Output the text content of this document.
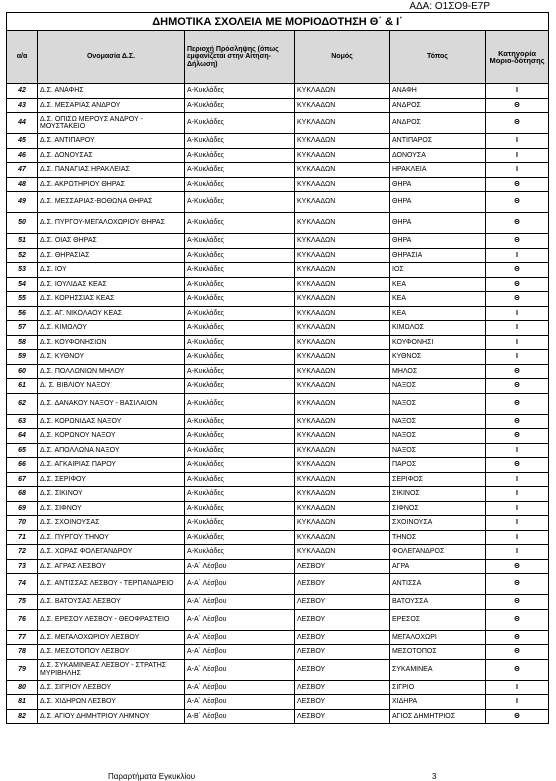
ΑΔΑ: Ο1ΣΟ9-Ε7Ρ
ΔΗΜΟΤΙΚΑ ΣΧΟΛΕΙΑ ΜΕ ΜΟΡΙΟΔΟΤΗΣΗ Θ΄ & Ι΄					
α/α	Ονομασία Δ.Σ.	Περιοχή Πρόσληψης (όπως εμφανίζεται στην Αίτηση-Δήλωση)	Νομός	Τόπος	Κατηγορία Μοριο-δότησης
42	Δ.Σ. ΑΝΑΦΗΣ	Α-Κυκλάδες	ΚΥΚΛΑΔΩΝ	ΑΝΑΦΗ	Ι
43	Δ.Σ. ΜΕΣΑΡΙΑΣ ΑΝΔΡΟΥ	Α-Κυκλάδες	ΚΥΚΛΑΔΩΝ	ΑΝΔΡΟΣ	Θ
44	Δ.Σ. ΟΠΙΣΩ ΜΕΡΟΥΣ ΑΝΔΡΟΥ - ΜΟΥΣΤΑΚΕΙΟ	Α-Κυκλάδες	ΚΥΚΛΑΔΩΝ	ΑΝΔΡΟΣ	Θ
45	Δ.Σ. ΑΝΤΙΠΑΡΟΥ	Α-Κυκλάδες	ΚΥΚΛΑΔΩΝ	ΑΝΤΙΠΑΡΟΣ	Ι
46	Δ.Σ. ΔΟΝΟΥΣΑΣ	Α-Κυκλάδες	ΚΥΚΛΑΔΩΝ	ΔΟΝΟΥΣΑ	Ι
47	Δ.Σ. ΠΑΝΑΓΙΑΣ ΗΡΑΚΛΕΙΑΣ	Α-Κυκλάδες	ΚΥΚΛΑΔΩΝ	ΗΡΑΚΛΕΙΑ	Ι
48	Δ.Σ. ΑΚΡΩΤΗΡΙΟΥ ΘΗΡΑΣ	Α-Κυκλάδες	ΚΥΚΛΑΔΩΝ	ΘΗΡΑ	Θ
49	Δ.Σ. ΜΕΣΣΑΡΙΑΣ-ΒΟΘΩΝΑ ΘΗΡΑΣ	Α-Κυκλάδες	ΚΥΚΛΑΔΩΝ	ΘΗΡΑ	Θ
50	Δ.Σ. ΠΥΡΓΟΥ-ΜΕΓΑΛΟΧΩΡΙΟΥ ΘΗΡΑΣ	Α-Κυκλάδες	ΚΥΚΛΑΔΩΝ	ΘΗΡΑ	Θ
51	Δ.Σ. ΟΙΑΣ ΘΗΡΑΣ	Α-Κυκλάδες	ΚΥΚΛΑΔΩΝ	ΘΗΡΑ	Θ
52	Δ.Σ. ΘΗΡΑΣΙΑΣ	Α-Κυκλάδες	ΚΥΚΛΑΔΩΝ	ΘΗΡΑΣΙΑ	Ι
53	Δ.Σ. ΙΟΥ	Α-Κυκλάδες	ΚΥΚΛΑΔΩΝ	ΙΟΣ	Θ
54	Δ.Σ. ΙΟΥΛΙΔΑΣ ΚΕΑΣ	Α-Κυκλάδες	ΚΥΚΛΑΔΩΝ	ΚΕΑ	Θ
55	Δ.Σ. ΚΟΡΗΣΣΙΑΣ ΚΕΑΣ	Α-Κυκλάδες	ΚΥΚΛΑΔΩΝ	ΚΕΑ	Θ
56	Δ.Σ. ΑΓ. ΝΙΚΟΛΑΟΥ ΚΕΑΣ	Α-Κυκλάδες	ΚΥΚΛΑΔΩΝ	ΚΕΑ	Ι
57	Δ.Σ. ΚΙΜΩΛΟΥ	Α-Κυκλάδες	ΚΥΚΛΑΔΩΝ	ΚΙΜΩΛΟΣ	Ι
58	Δ.Σ. ΚΟΥΦΟΝΗΣΙΩΝ	Α-Κυκλάδες	ΚΥΚΛΑΔΩΝ	ΚΟΥΦΟΝΗΣΙ	Ι
59	Δ.Σ. ΚΥΘΝΟΥ	Α-Κυκλάδες	ΚΥΚΛΑΔΩΝ	ΚΥΘΝΟΣ	Ι
60	Δ.Σ. ΠΟΛΛΩΝΙΩΝ ΜΗΛΟΥ	Α-Κυκλάδες	ΚΥΚΛΑΔΩΝ	ΜΗΛΟΣ	Θ
61	Δ. Σ. ΒΙΒΛΙΟΥ ΝΑΞΟΥ	Α-Κυκλάδες	ΚΥΚΛΑΔΩΝ	ΝΑΞΟΣ	Θ
62	Δ.Σ. ΔΑΝΑΚΟΥ ΝΑΞΟΥ - ΒΑΣΙΛΑΙΟΝ	Α-Κυκλάδες	ΚΥΚΛΑΔΩΝ	ΝΑΞΟΣ	Θ
63	Δ.Σ. ΚΟΡΩΝΙΔΑΣ ΝΑΞΟΥ	Α-Κυκλάδες	ΚΥΚΛΑΔΩΝ	ΝΑΞΟΣ	Θ
64	Δ.Σ. ΚΟΡΩΝΟΥ ΝΑΞΟΥ	Α-Κυκλάδες	ΚΥΚΛΑΔΩΝ	ΝΑΞΟΣ	Θ
65	Δ.Σ. ΑΠΟΛΛΩΝΑ ΝΑΞΟΥ	Α-Κυκλάδες	ΚΥΚΛΑΔΩΝ	ΝΑΞΟΣ	Ι
66	Δ.Σ. ΑΓΚΑΙΡΙΑΣ ΠΑΡΟΥ	Α-Κυκλάδες	ΚΥΚΛΑΔΩΝ	ΠΑΡΟΣ	Θ
67	Δ.Σ. ΣΕΡΙΦΟΥ	Α-Κυκλάδες	ΚΥΚΛΑΔΩΝ	ΣΕΡΙΦΟΣ	Ι
68	Δ.Σ. ΣΙΚΙΝΟΥ	Α-Κυκλάδες	ΚΥΚΛΑΔΩΝ	ΣΙΚΙΝΟΣ	Ι
69	Δ.Σ. ΣΙΦΝΟΥ	Α-Κυκλάδες	ΚΥΚΛΑΔΩΝ	ΣΙΦΝΟΣ	Ι
70	Δ.Σ. ΣΧΟΙΝΟΥΣΑΣ	Α-Κυκλάδες	ΚΥΚΛΑΔΩΝ	ΣΧΟΙΝΟΥΣΑ	Ι
71	Δ.Σ. ΠΥΡΓΟΥ ΤΗΝΟΥ	Α-Κυκλάδες	ΚΥΚΛΑΔΩΝ	ΤΗΝΟΣ	Ι
72	Δ.Σ. ΧΩΡΑΣ ΦΟΛΕΓΑΝΔΡΟΥ	Α-Κυκλάδες	ΚΥΚΛΑΔΩΝ	ΦΟΛΕΓΑΝΔΡΟΣ	Ι
73	Δ.Σ. ΑΓΡΑΣ ΛΕΣΒΟΥ	Α-Α΄ Λέσβου	ΛΕΣΒΟΥ	ΑΓΡΑ	Θ
74	Δ.Σ. ΑΝΤΙΣΣΑΣ ΛΕΣΒΟΥ - ΤΕΡΠΑΝΔΡΕΙΟ	Α-Α΄ Λέσβου	ΛΕΣΒΟΥ	ΑΝΤΙΣΣΑ	Θ
75	Δ.Σ. ΒΑΤΟΥΣΑΣ ΛΕΣΒΟΥ	Α-Α΄ Λέσβου	ΛΕΣΒΟΥ	ΒΑΤΟΥΣΣΑ	Θ
76	Δ.Σ. ΕΡΕΣΟΥ ΛΕΣΒΟΥ - ΘΕΟΦΡΑΣΤΕΙΟ	Α-Α΄ Λέσβου	ΛΕΣΒΟΥ	ΕΡΕΣΟΣ	Θ
77	Δ.Σ. ΜΕΓΑΛΟΧΩΡΙΟΥ ΛΕΣΒΟΥ	Α-Α΄ Λέσβου	ΛΕΣΒΟΥ	ΜΕΓΑΛΟΧΩΡΙ	Θ
78	Δ.Σ. ΜΕΣΟΤΟΠΟΥ ΛΕΣΒΟΥ	Α-Α΄ Λέσβου	ΛΕΣΒΟΥ	ΜΕΣΟΤΟΠΟΣ	Θ
79	Δ.Σ. ΣΥΚΑΜΙΝΕΑΣ ΛΕΣΒΟΥ - ΣΤΡΑΤΗΣ ΜΥΡΙΒΗΛΗΣ	Α-Α΄ Λέσβου	ΛΕΣΒΟΥ	ΣΥΚΑΜΙΝΕΑ	Θ
80	Δ.Σ. ΣΙΓΡΙΟΥ ΛΕΣΒΟΥ	Α-Α΄ Λέσβου	ΛΕΣΒΟΥ	ΣΙΓΡΙΟ	Ι
81	Δ.Σ. ΧΙΔΗΡΩΝ ΛΕΣΒΟΥ	Α-Α΄ Λέσβου	ΛΕΣΒΟΥ	ΧΙΔΗΡΑ	Ι
82	Δ.Σ. ΑΓΙΟΥ ΔΗΜΗΤΡΙΟΥ ΛΗΜΝΟΥ	Α-Β΄ Λέσβου	ΛΕΣΒΟΥ	ΑΓΙΟΣ ΔΗΜΗΤΡΙΟΣ	Θ
Παραρτήματα Εγκυκλίου	3
